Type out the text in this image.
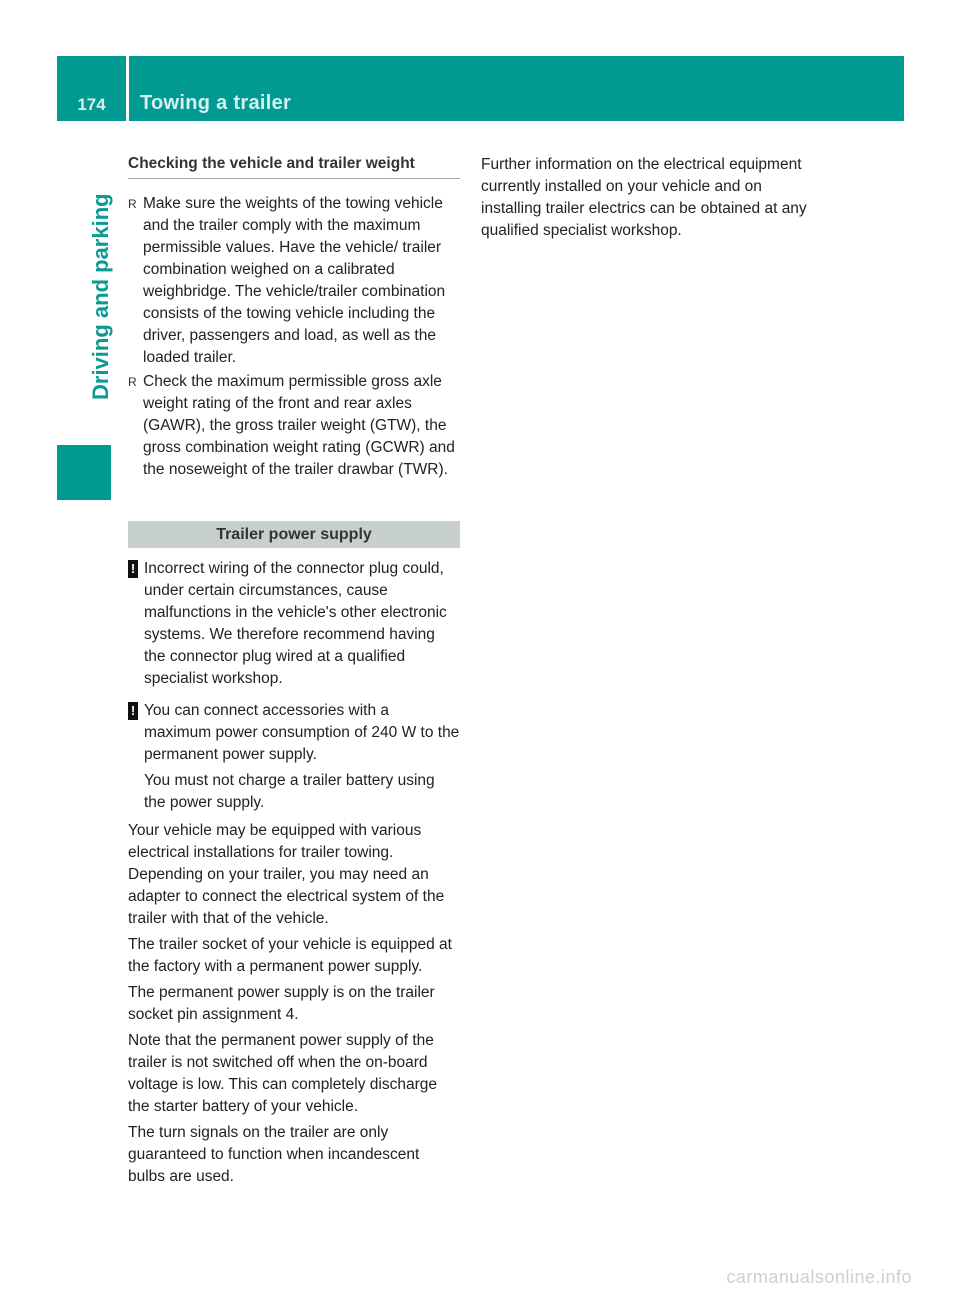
174	Towing a trailer
Driving and parking
Checking the vehicle and trailer weight
R Make sure the weights of the towing vehicle and the trailer comply with the maximum permissible values. Have the vehicle/ trailer combination weighed on a calibrated weighbridge. The vehicle/trailer combination consists of the towing vehicle including the driver, passengers and load, as well as the loaded trailer.
R Check the maximum permissible gross axle weight rating of the front and rear axles (GAWR), the gross trailer weight (GTW), the gross combination weight rating (GCWR) and the noseweight of the trailer drawbar (TWR).
Trailer power supply
! Incorrect wiring of the connector plug could, under certain circumstances, cause malfunctions in the vehicle's other electronic systems. We therefore recommend having the connector plug wired at a qualified specialist workshop.

! You can connect accessories with a maximum power consumption of 240 W to the permanent power supply.

You must not charge a trailer battery using the power supply.

Your vehicle may be equipped with various electrical installations for trailer towing. Depending on your trailer, you may need an adapter to connect the electrical system of the trailer with that of the vehicle.

The trailer socket of your vehicle is equipped at the factory with a permanent power supply.

The permanent power supply is on the trailer socket pin assignment 4.

Note that the permanent power supply of the trailer is not switched off when the on-board voltage is low. This can completely discharge the starter battery of your vehicle.

The turn signals on the trailer are only guaranteed to function when incandescent bulbs are used.

Further information on the electrical equipment currently installed on your vehicle and on installing trailer electrics can be obtained at any qualified specialist workshop.

carmanualsonline.info
